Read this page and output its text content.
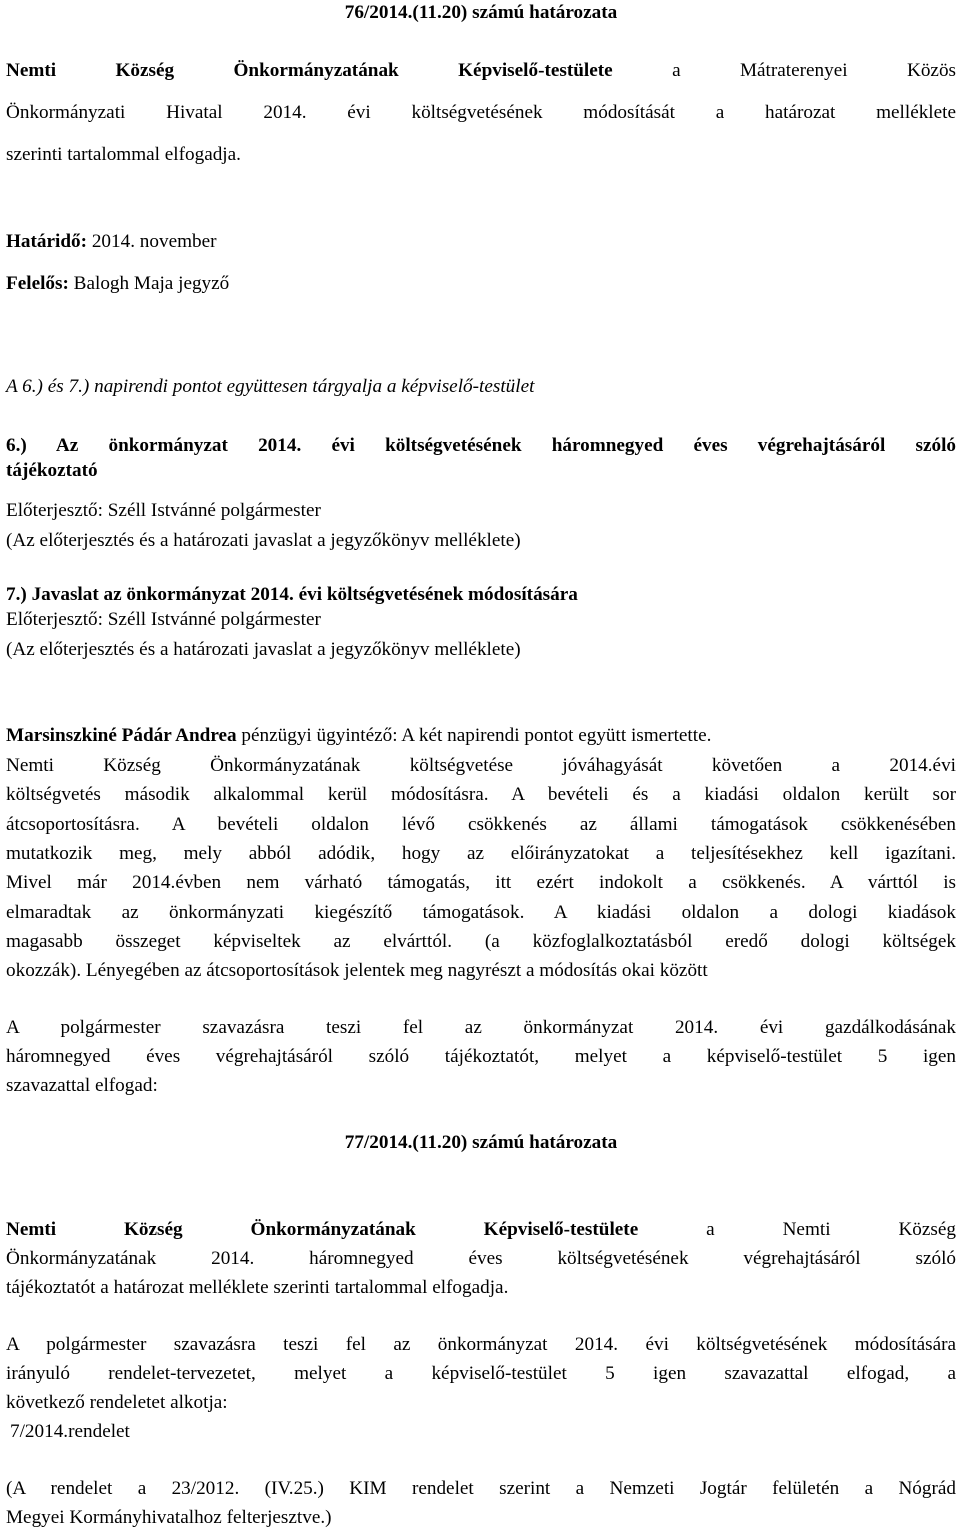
76/2014.(11.20) számú határozata
Nemti Község Önkormányzatának Képviselő-testülete	a Mátraterenyei Közös
Önkormányzati Hivatal 2014. évi költségvetésének módosítását a határozat melléklete
szerinti tartalommal elfogadja.
Határidő: 2014. november
Felelős: Balogh Maja jegyző
A 6.) és 7.) napirendi pontot együttesen tárgyalja a képviselő-testület
6.) Az önkormányzat 2014. évi költségvetésének háromnegyed éves végrehajtásáról szóló
tájékoztató
Előterjesztő: Széll Istvánné polgármester
(Az előterjesztés és a határozati javaslat a jegyzőkönyv melléklete)
7.) Javaslat az önkormányzat 2014. évi költségvetésének módosítására
Előterjesztő: Széll Istvánné polgármester
(Az előterjesztés és a határozati javaslat a jegyzőkönyv melléklete)
Marsinszkiné Pádár Andrea pénzügyi ügyintéző: A két napirendi pontot együtt ismertette.
Nemti Község Önkormányzatának költségvetése	jóváhagyását követően a 2014.évi
költségvetés második alkalommal kerül módosításra. A bevételi és a kiadási oldalon került sor
átcsoportosításra. A bevételi oldalon lévő csökkenés az állami támogatások csökkenésében
mutatkozik meg, mely abból adódik, hogy az előirányzatokat a teljesítésekhez kell igazítani.
Mivel már 2014.évben nem várható támogatás, itt ezért indokolt a csökkenés. A várttól is
elmaradtak az önkormányzati kiegészítő támogatások. A kiadási oldalon a dologi kiadások
magasabb összeget képviseltek az elvárttól. (a közfoglalkoztatásból eredő dologi költségek
okozzák). Lényegében az átcsoportosítások jelentek meg nagyrészt a módosítás okai között
A polgármester szavazásra teszi fel az önkormányzat 2014. évi gazdálkodásának
háromnegyed éves végrehajtásáról szóló tájékoztatót, melyet a képviselő-testület 5 igen
szavazattal elfogad:
77/2014.(11.20) számú határozata
Nemti Község Önkormányzatának Képviselő-testülete	a Nemti Község
Önkormányzatának 2014. háromnegyed éves költségvetésének végrehajtásáról szóló
tájékoztatót a határozat melléklete szerinti tartalommal elfogadja.
A polgármester szavazásra teszi fel az önkormányzat 2014. évi költségvetésének módosítására
irányuló rendelet-tervezetet, melyet a képviselő-testület 5 igen szavazattal elfogad, a
következő rendeletet alkotja:
7/2014.rendelet
(A rendelet a 23/2012. (IV.25.) KIM rendelet szerint a Nemzeti Jogtár felületén a Nógrád
Megyei Kormányhivatalhoz felterjesztve.)
